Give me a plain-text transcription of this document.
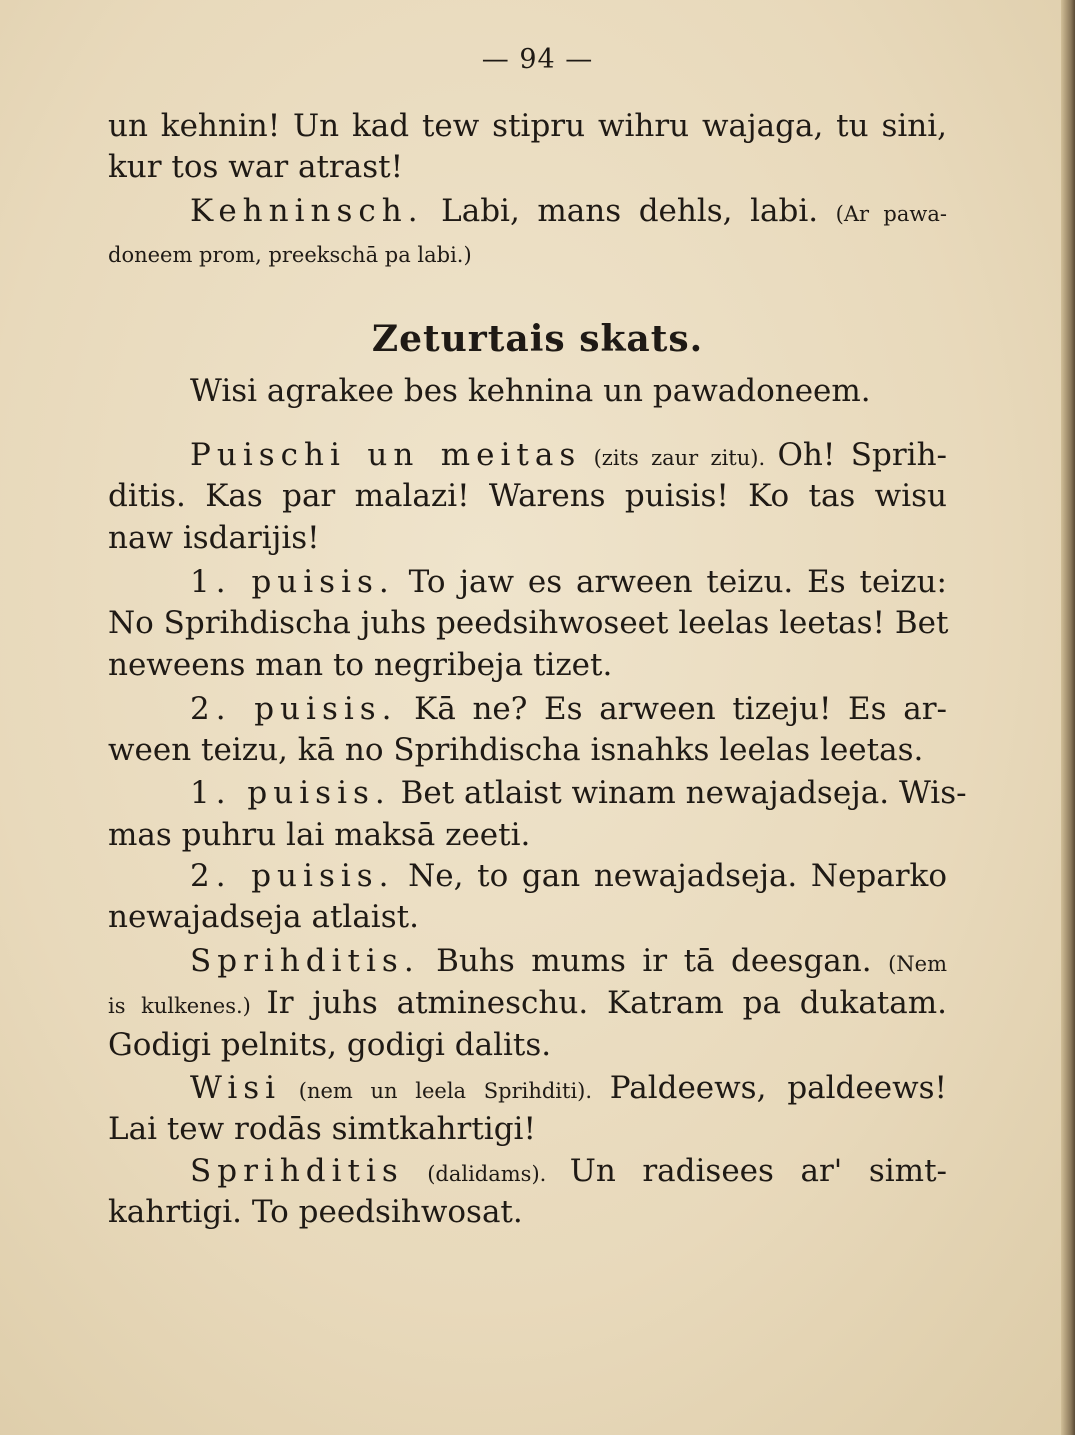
— 94 —
Zeturtais skats.
un kehnin! Un kad tew stipru wihru wajaga, tu sini,
kur tos war atrast!
Kehninsch. Labi, mans dehls, labi. (Ar pawa-
doneem prom, preekschā pa labi.)
Wisi agrakee bes kehnina un pawadoneem.
Puischi un meitas (zits zaur zitu). Oh! Sprih-
ditis. Kas par malazi! Warens puisis! Ko tas wisu
naw isdarijis!
1. puisis. To jaw es arween teizu. Es teizu:
No Sprihdischa juhs peedsihwoseet leelas leetas! Bet
neweens man to negribeja tizet.
2. puisis. Kā ne? Es arween tizeju! Es ar-
ween teizu, kā no Sprihdischa isnahks leelas leetas.
1. puisis. Bet atlaist winam newajadseja. Wis-
mas puhru lai maksā zeeti.
2. puisis. Ne, to gan newajadseja. Neparko
newajadseja atlaist.
Sprihditis. Buhs mums ir tā deesgan. (Nem
is kulkenes.) Ir juhs atmineschu. Katram pa dukatam.
Godigi pelnits, godigi dalits.
Wisi (nem un leela Sprihditi). Paldeews, paldeews!
Lai tew rodās simtkahrtigi!
Sprihditis (dalidams). Un radisees ar' simt-
kahrtigi. To peedsihwosat.
